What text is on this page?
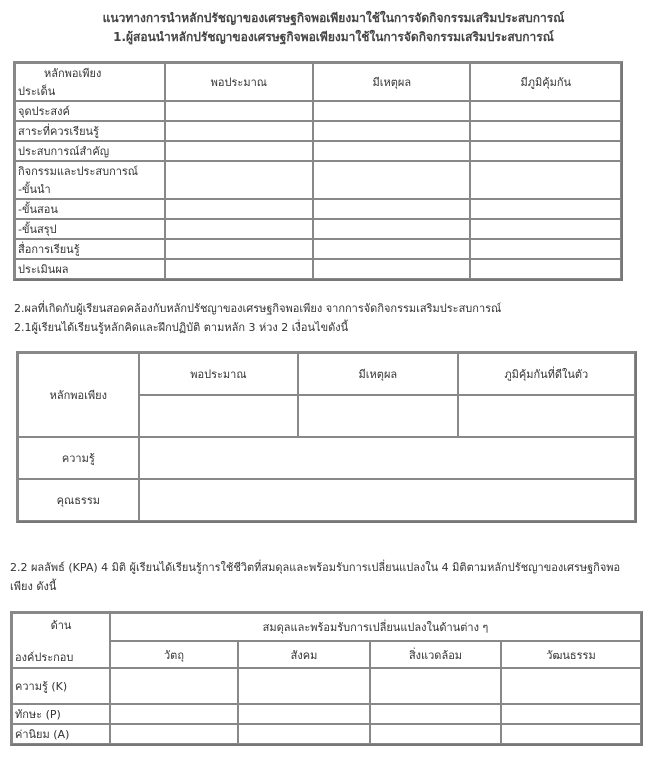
แนวทางการนำหลักปรัชญาของเศรษฐกิจพอเพียงมาใช้ในการจัดกิจกรรมเสริมประสบการณ์
1.ผู้สอนนำหลักปรัชญาของเศรษฐกิจพอเพียงมาใช้ในการจัดกิจกรรมเสริมประสบการณ์
หลักพอเพียง
ประเด็น	พอประมาณ	มีเหตุผล	มีภูมิคุ้มกัน
จุดประสงค์			
สาระที่ควรเรียนรู้			
ประสบการณ์สำคัญ			

กิจกรรมและประสบการณ์
-ขั้นนำ			

-ขั้นสอน			
-ขั้นสรุป			
สื่อการเรียนรู้			
ประเมินผล			
2.ผลที่เกิดกับผู้เรียนสอดคล้องกับหลักปรัชญาของเศรษฐกิจพอเพียง จากการจัดกิจกรรมเสริมประสบการณ์
2.1ผู้เรียนได้เรียนรู้หลักคิดและฝึกปฏิบัติ ตามหลัก 3 ห่วง 2 เงื่อนไขดังนี้
หลักพอเพียง	พอประมาณ	มีเหตุผล	ภูมิคุ้มกันที่ดีในตัว

ความรู้			
คุณธรรม			
2.2 ผลลัพธ์ (KPA) 4 มิติ ผู้เรียนได้เรียนรู้การใช้ชีวิตที่สมดุลและพร้อมรับการเปลี่ยนแปลงใน 4 มิติตามหลักปรัชญาของเศรษฐกิจพอ
เพียง ดังนี้
ด้าน
องค์ประกอบ	สมดุลและพร้อมรับการเปลี่ยนแปลงในด้านต่าง ๆ			
	วัตถุ	สังคม	สิ่งแวดล้อม	วัฒนธรรม
ความรู้ (K)				
ทักษะ (P)				
ค่านิยม (A)				
